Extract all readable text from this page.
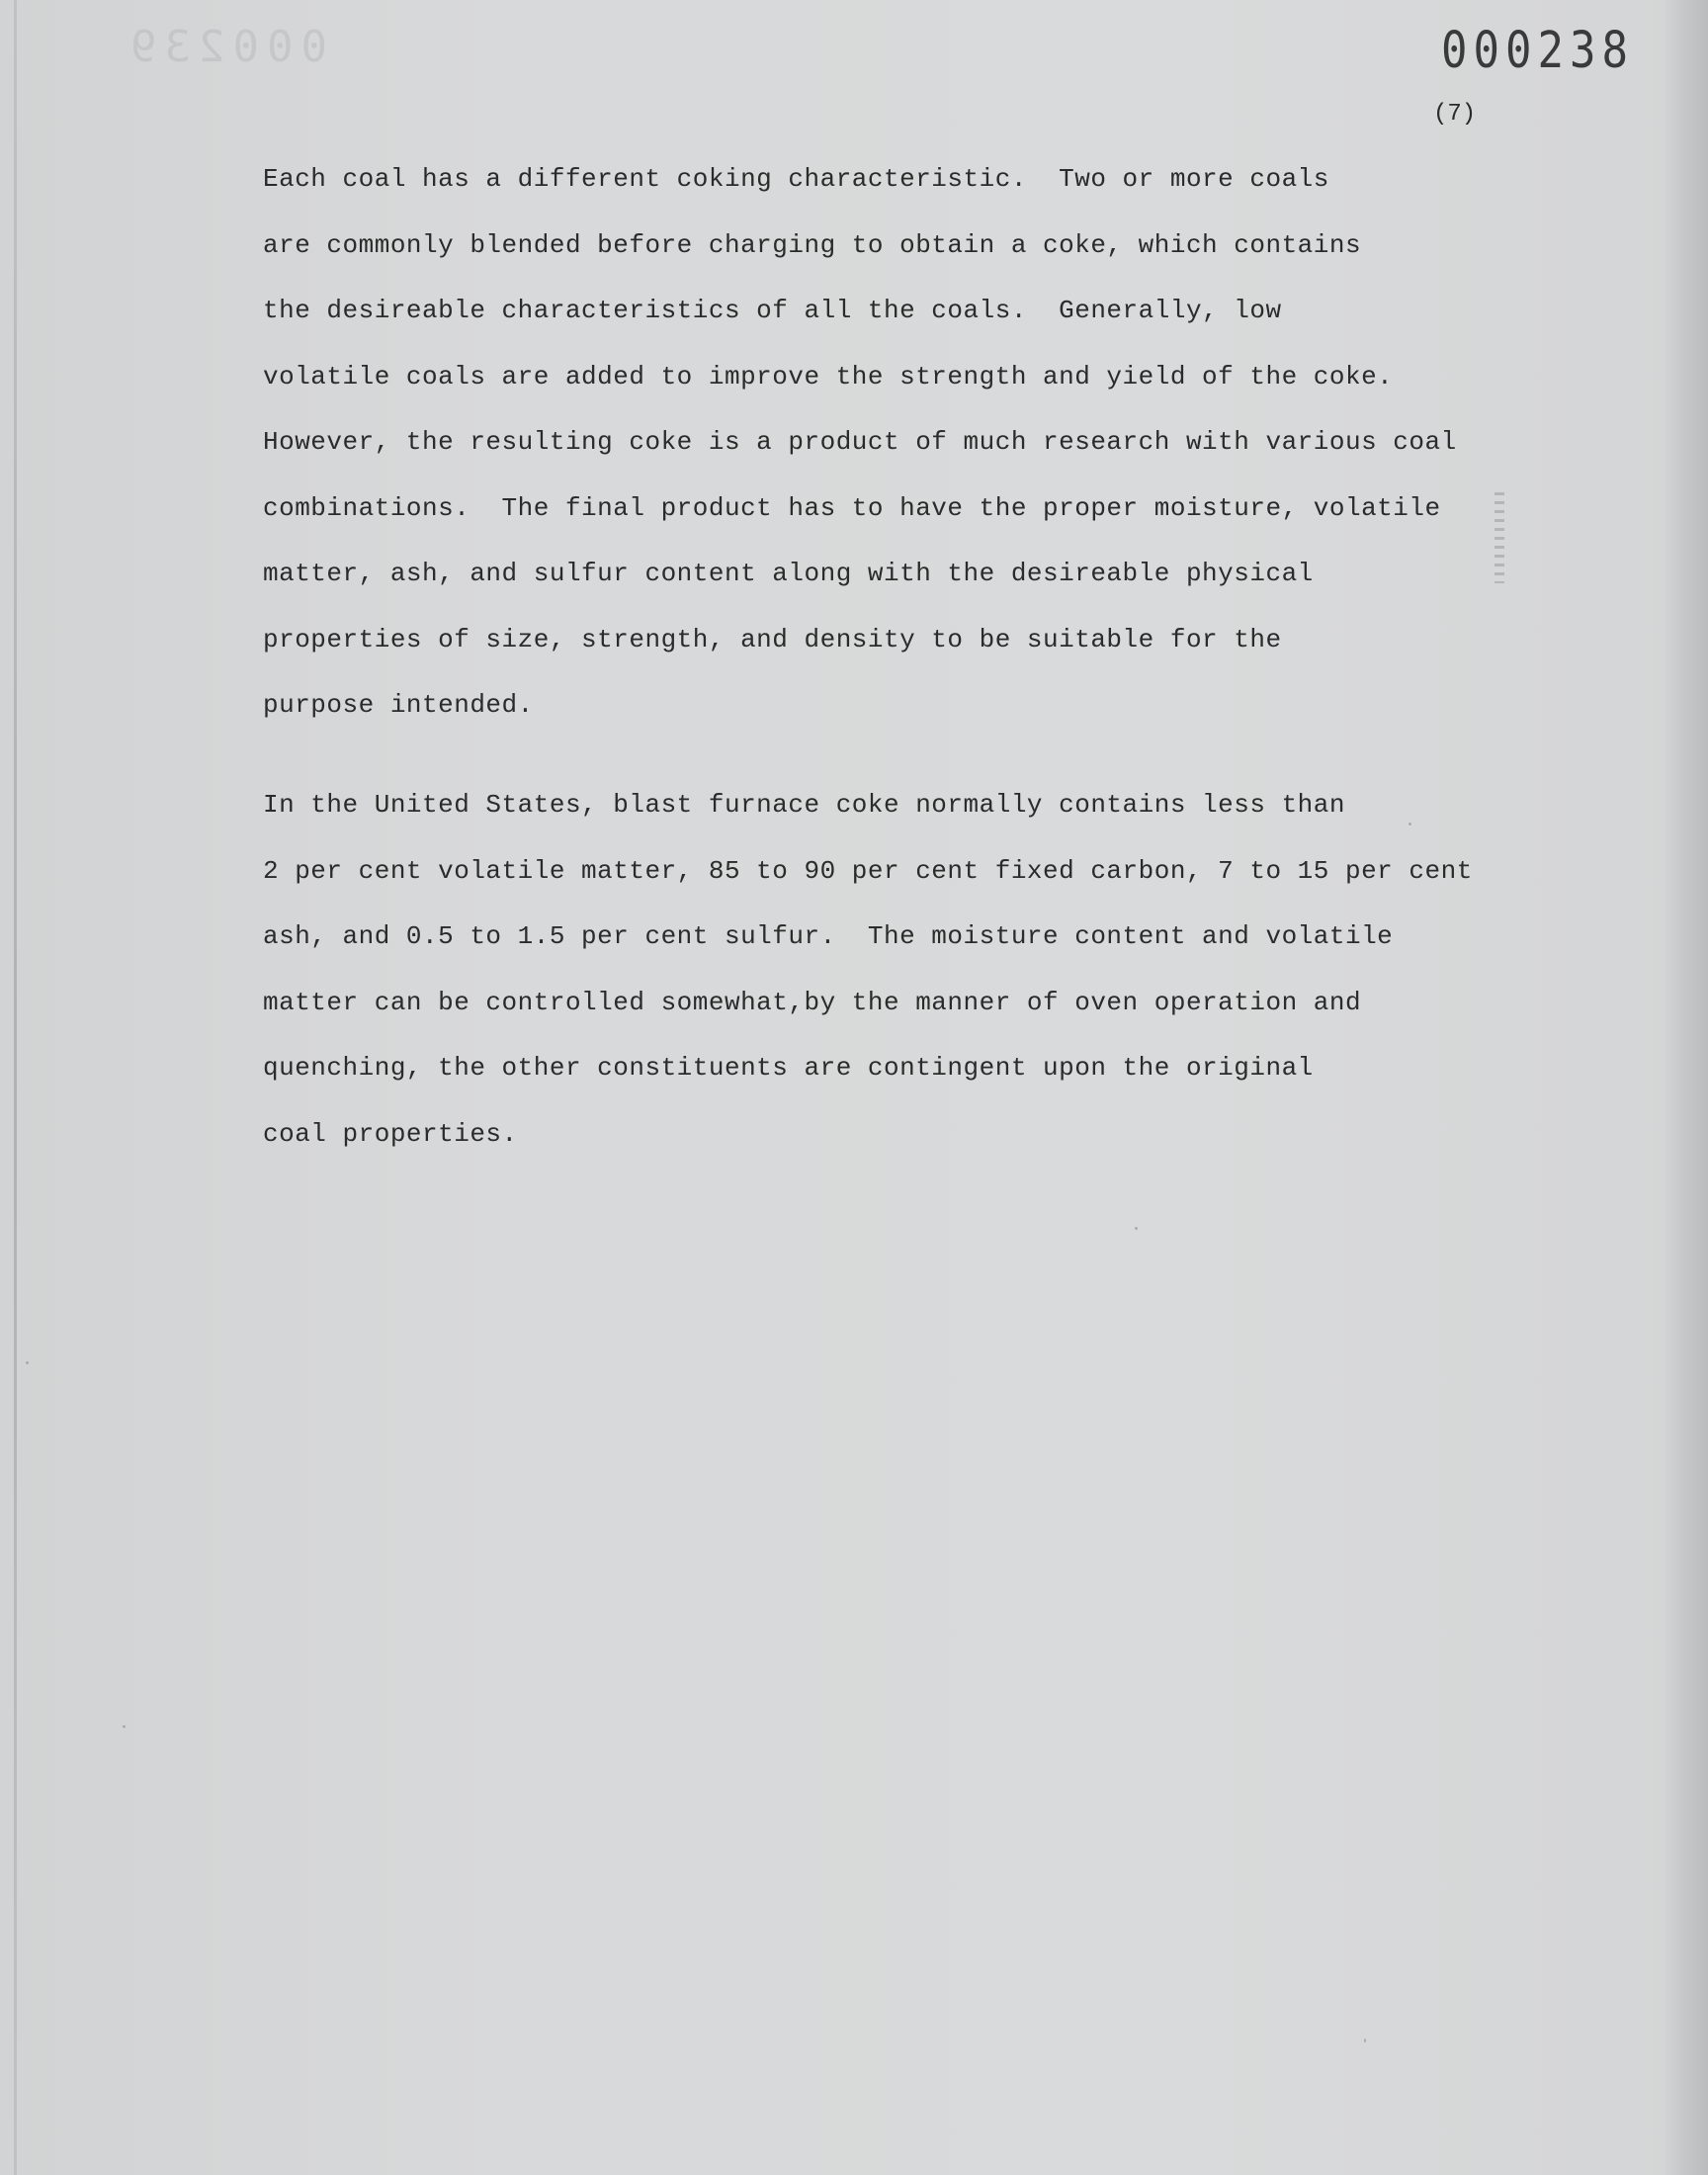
000239	000238
(7)
Each coal has a different coking characteristic.  Two or more coals
are commonly blended before charging to obtain a coke, which contains
the desireable characteristics of all the coals.  Generally, low
volatile coals are added to improve the strength and yield of the coke.
However, the resulting coke is a product of much research with various coal
combinations.  The final product has to have the proper moisture, volatile
matter, ash, and sulfur content along with the desireable physical
properties of size, strength, and density to be suitable for the
purpose intended.
In the United States, blast furnace coke normally contains less than
2 per cent volatile matter, 85 to 90 per cent fixed carbon, 7 to 15 per cent
ash, and 0.5 to 1.5 per cent sulfur.  The moisture content and volatile
matter can be controlled somewhat,by the manner of oven operation and
quenching, the other constituents are contingent upon the original
coal properties.
